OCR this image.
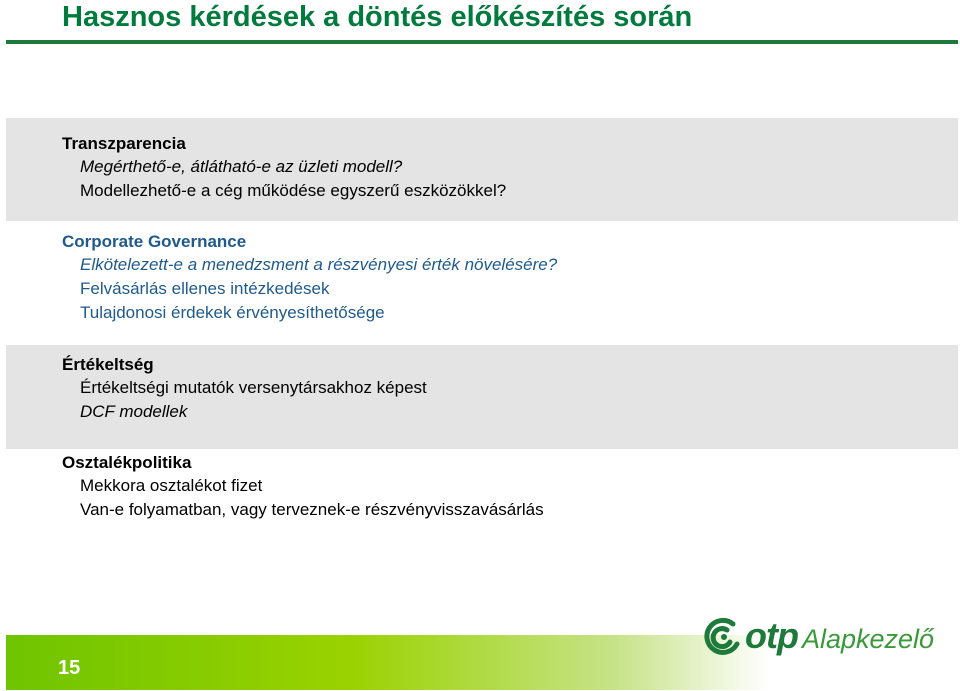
Hasznos kérdések a döntés előkészítés során
Transzparencia
Megérthető-e, átlátható-e az üzleti modell?
Modellezhető-e a cég működése egyszerű eszközökkel?
Corporate Governance
Elkötelezett-e a menedzsment a részvényesi érték növelésére?
Felvásárlás ellenes intézkedések
Tulajdonosi érdekek érvényesíthetősége
Értékeltség
Értékeltségi mutatók versenytársakhoz képest
DCF modellek
Osztalékpolitika
Mekkora osztalékot fizet
Van-e folyamatban, vagy terveznek-e részvényvisszavásárlás
15
otp Alapkezelő
